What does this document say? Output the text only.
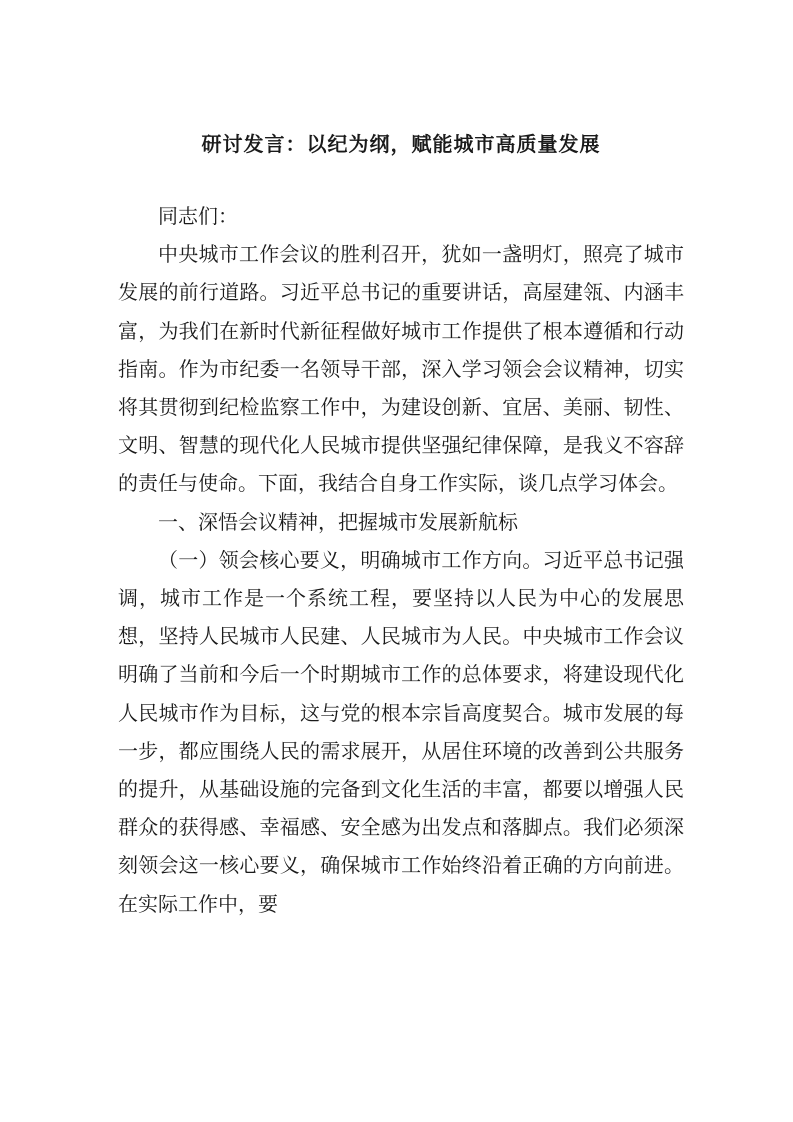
研讨发言：以纪为纲，赋能城市高质量发展

同志们：

中央城市工作会议的胜利召开，犹如一盏明灯，照亮了城市发展的前行道路。习近平总书记的重要讲话，高屋建瓴、内涵丰富，为我们在新时代新征程做好城市工作提供了根本遵循和行动指南。作为市纪委一名领导干部，深入学习领会会议精神，切实将其贯彻到纪检监察工作中，为建设创新、宜居、美丽、韧性、文明、智慧的现代化人民城市提供坚强纪律保障，是我义不容辞的责任与使命。下面，我结合自身工作实际，谈几点学习体会。

一、深悟会议精神，把握城市发展新航标

（一）领会核心要义，明确城市工作方向。习近平总书记强调，城市工作是一个系统工程，要坚持以人民为中心的发展思想，坚持人民城市人民建、人民城市为人民。中央城市工作会议明确了当前和今后一个时期城市工作的总体要求，将建设现代化人民城市作为目标，这与党的根本宗旨高度契合。城市发展的每一步，都应围绕人民的需求展开，从居住环境的改善到公共服务的提升，从基础设施的完备到文化生活的丰富，都要以增强人民群众的获得感、幸福感、安全感为出发点和落脚点。我们必须深刻领会这一核心要义，确保城市工作始终沿着正确的方向前进。在实际工作中，要
